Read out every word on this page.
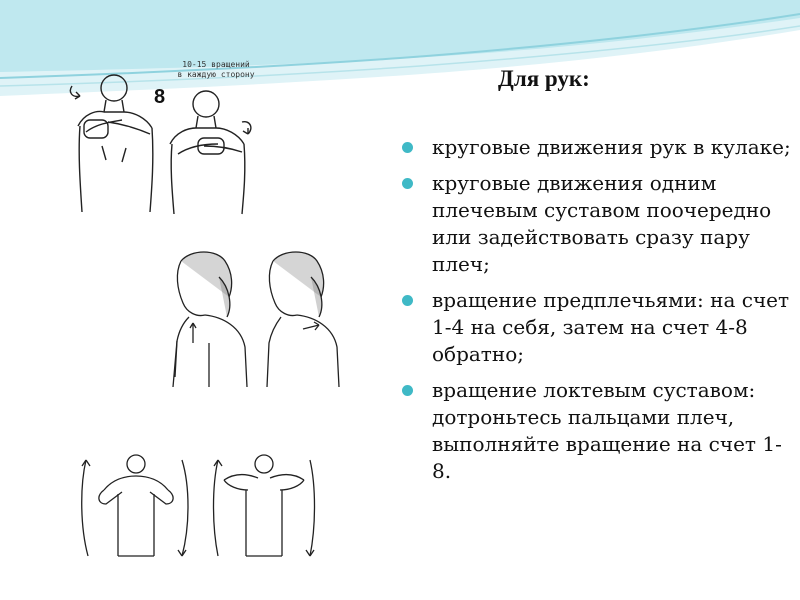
10-15 вращений
в каждую сторону
8
Для рук:
круговые движения рук в кулаке;
круговые движения одним плечевым суставом поочередно или задействовать сразу пару плеч;
вращение предплечьями: на счет 1-4 на себя, затем на счет 4-8 обратно;
вращение локтевым суставом: дотроньтесь пальцами плеч, выполняйте вращение на счет 1-8.
